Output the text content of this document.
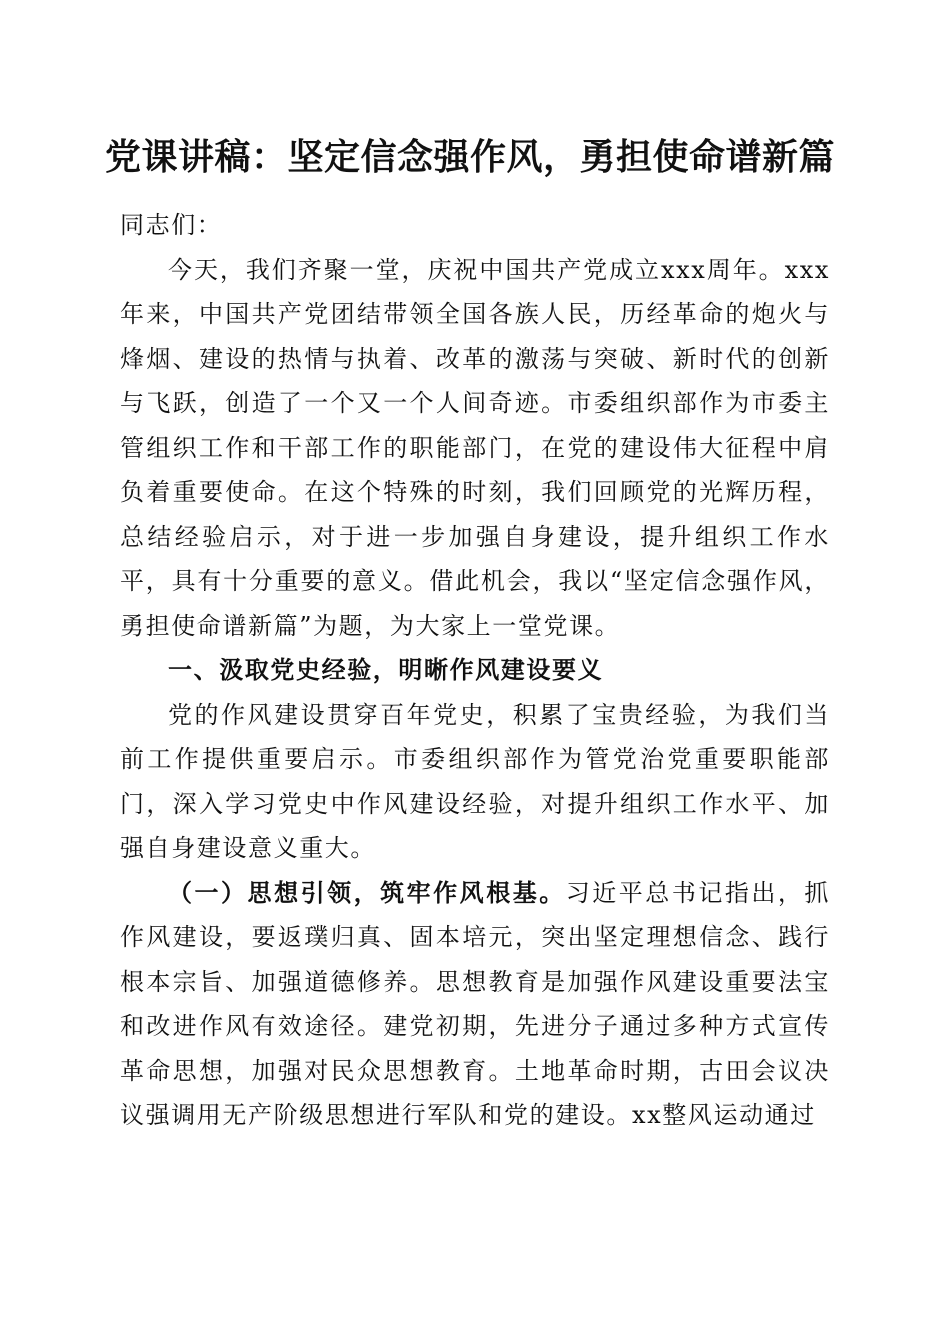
党课讲稿：坚定信念强作风，勇担使命谱新篇

同志们：

今天，我们齐聚一堂，庆祝中国共产党成立xxx周年。xxx年来，中国共产党团结带领全国各族人民，历经革命的炮火与烽烟、建设的热情与执着、改革的激荡与突破、新时代的创新与飞跃，创造了一个又一个人间奇迹。市委组织部作为市委主管组织工作和干部工作的职能部门，在党的建设伟大征程中肩负着重要使命。在这个特殊的时刻，我们回顾党的光辉历程，总结经验启示，对于进一步加强自身建设，提升组织工作水平，具有十分重要的意义。借此机会，我以“坚定信念强作风，勇担使命谱新篇”为题，为大家上一堂党课。

一、汲取党史经验，明晰作风建设要义

党的作风建设贯穿百年党史，积累了宝贵经验，为我们当前工作提供重要启示。市委组织部作为管党治党重要职能部门，深入学习党史中作风建设经验，对提升组织工作水平、加强自身建设意义重大。

（一）思想引领，筑牢作风根基。习近平总书记指出，抓作风建设，要返璞归真、固本培元，突出坚定理想信念、践行根本宗旨、加强道德修养。思想教育是加强作风建设重要法宝和改进作风有效途径。建党初期，先进分子通过多种方式宣传革命思想，加强对民众思想教育。土地革命时期，古田会议决议强调用无产阶级思想进行军队和党的建设。xx整风运动通过
